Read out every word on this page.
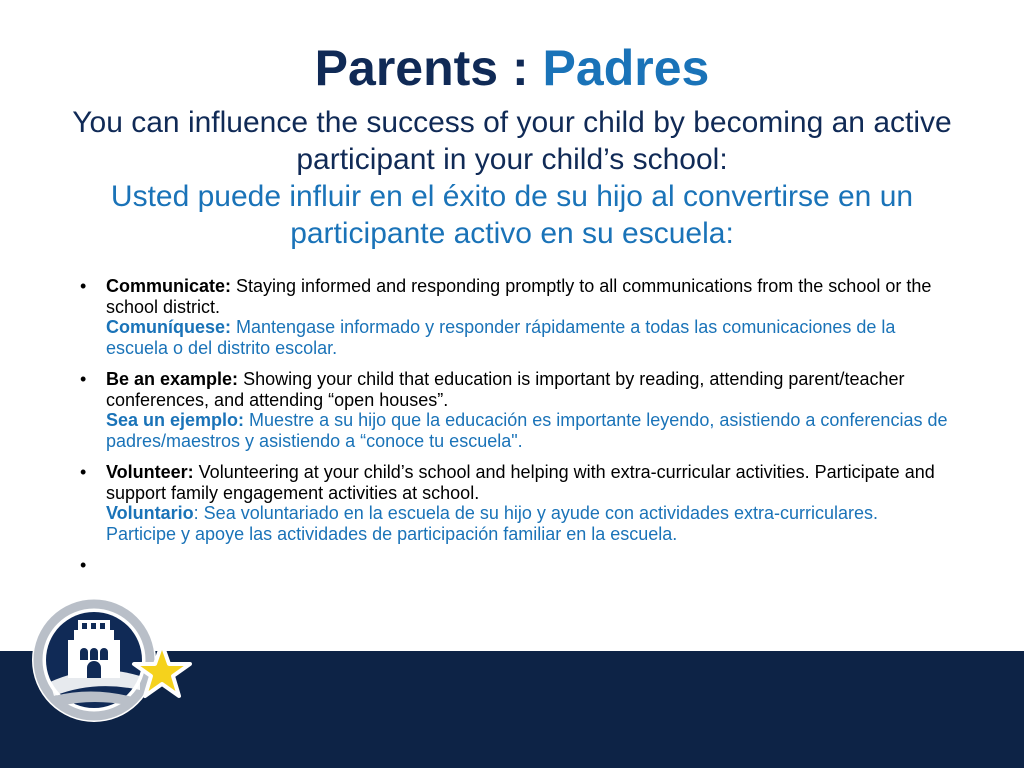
Parents : Padres
You can influence the success of your child by becoming an active participant in your child’s school:
Usted puede influir en el éxito de su hijo al convertirse en un participante activo en su escuela:
• Communicate: Staying informed and responding promptly to all communications from the school or the school district.
Comuníquese: Mantengase informado y responder rápidamente a todas las comunicaciones de la escuela o del distrito escolar.
• Be an example: Showing your child that education is important by reading, attending parent/teacher conferences, and attending “open houses”.
Sea un ejemplo: Muestre a su hijo que la educación es importante leyendo, asistiendo a conferencias de padres/maestros y asistiendo a “conoce tu escuela".
• Volunteer: Volunteering at your child’s school and helping with extra-curricular activities. Participate and support family engagement activities at school.
Voluntario: Sea voluntariado en la escuela de su hijo y ayude con actividades extra-curriculares. Participe y apoye las actividades de participación familiar en la escuela.
•
